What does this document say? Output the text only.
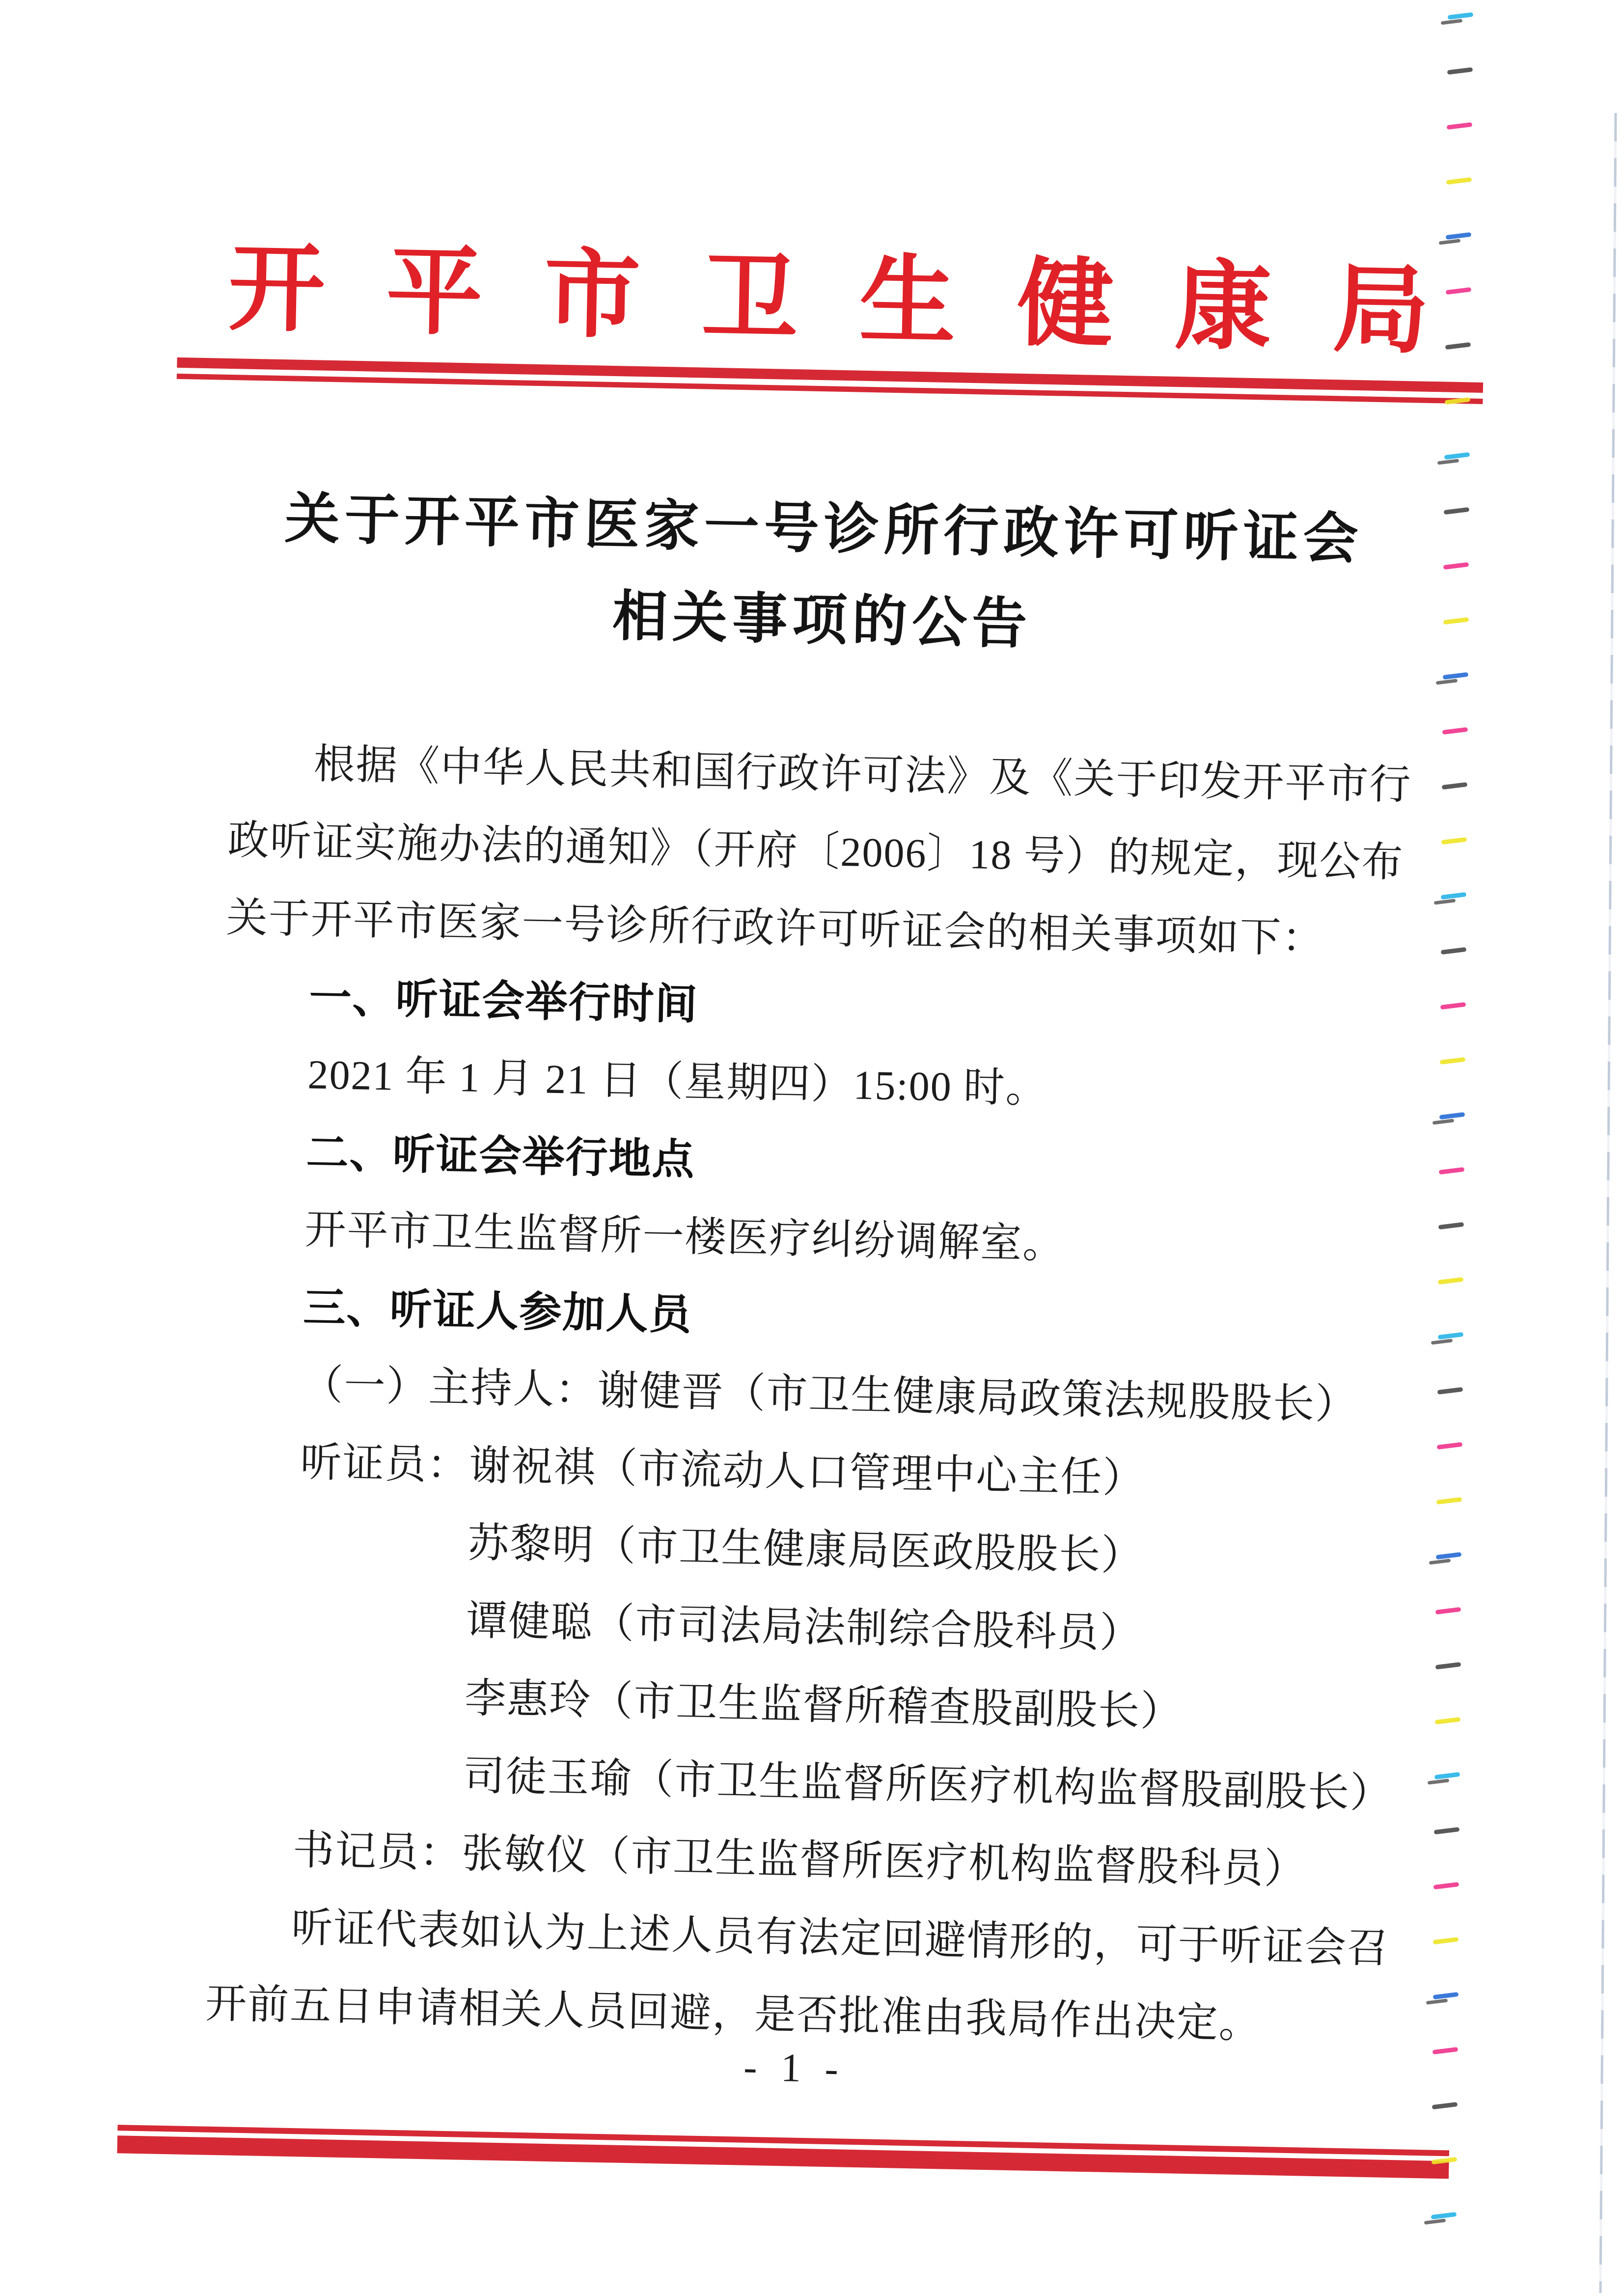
开 平 市 卫 生 健 康 局
关于开平市医家一号诊所行政许可听证会
相关事项的公告
根据《中华人民共和国行政许可法》及《关于印发开平市行
政听证实施办法的通知》（开府〔2006〕18 号）的规定，现公布
关于开平市医家一号诊所行政许可听证会的相关事项如下：
一、听证会举行时间
2021 年 1 月 21 日（星期四）15:00 时。
二、听证会举行地点
开平市卫生监督所一楼医疗纠纷调解室。
三、听证人参加人员
（一）主持人：谢健晋（市卫生健康局政策法规股股长）
听证员：谢祝祺（市流动人口管理中心主任）
苏黎明（市卫生健康局医政股股长）
谭健聪（市司法局法制综合股科员）
李惠玲（市卫生监督所稽查股副股长）
司徒玉瑜（市卫生监督所医疗机构监督股副股长）
书记员：张敏仪（市卫生监督所医疗机构监督股科员）
听证代表如认为上述人员有法定回避情形的，可于听证会召
开前五日申请相关人员回避，是否批准由我局作出决定。
- 1 -
